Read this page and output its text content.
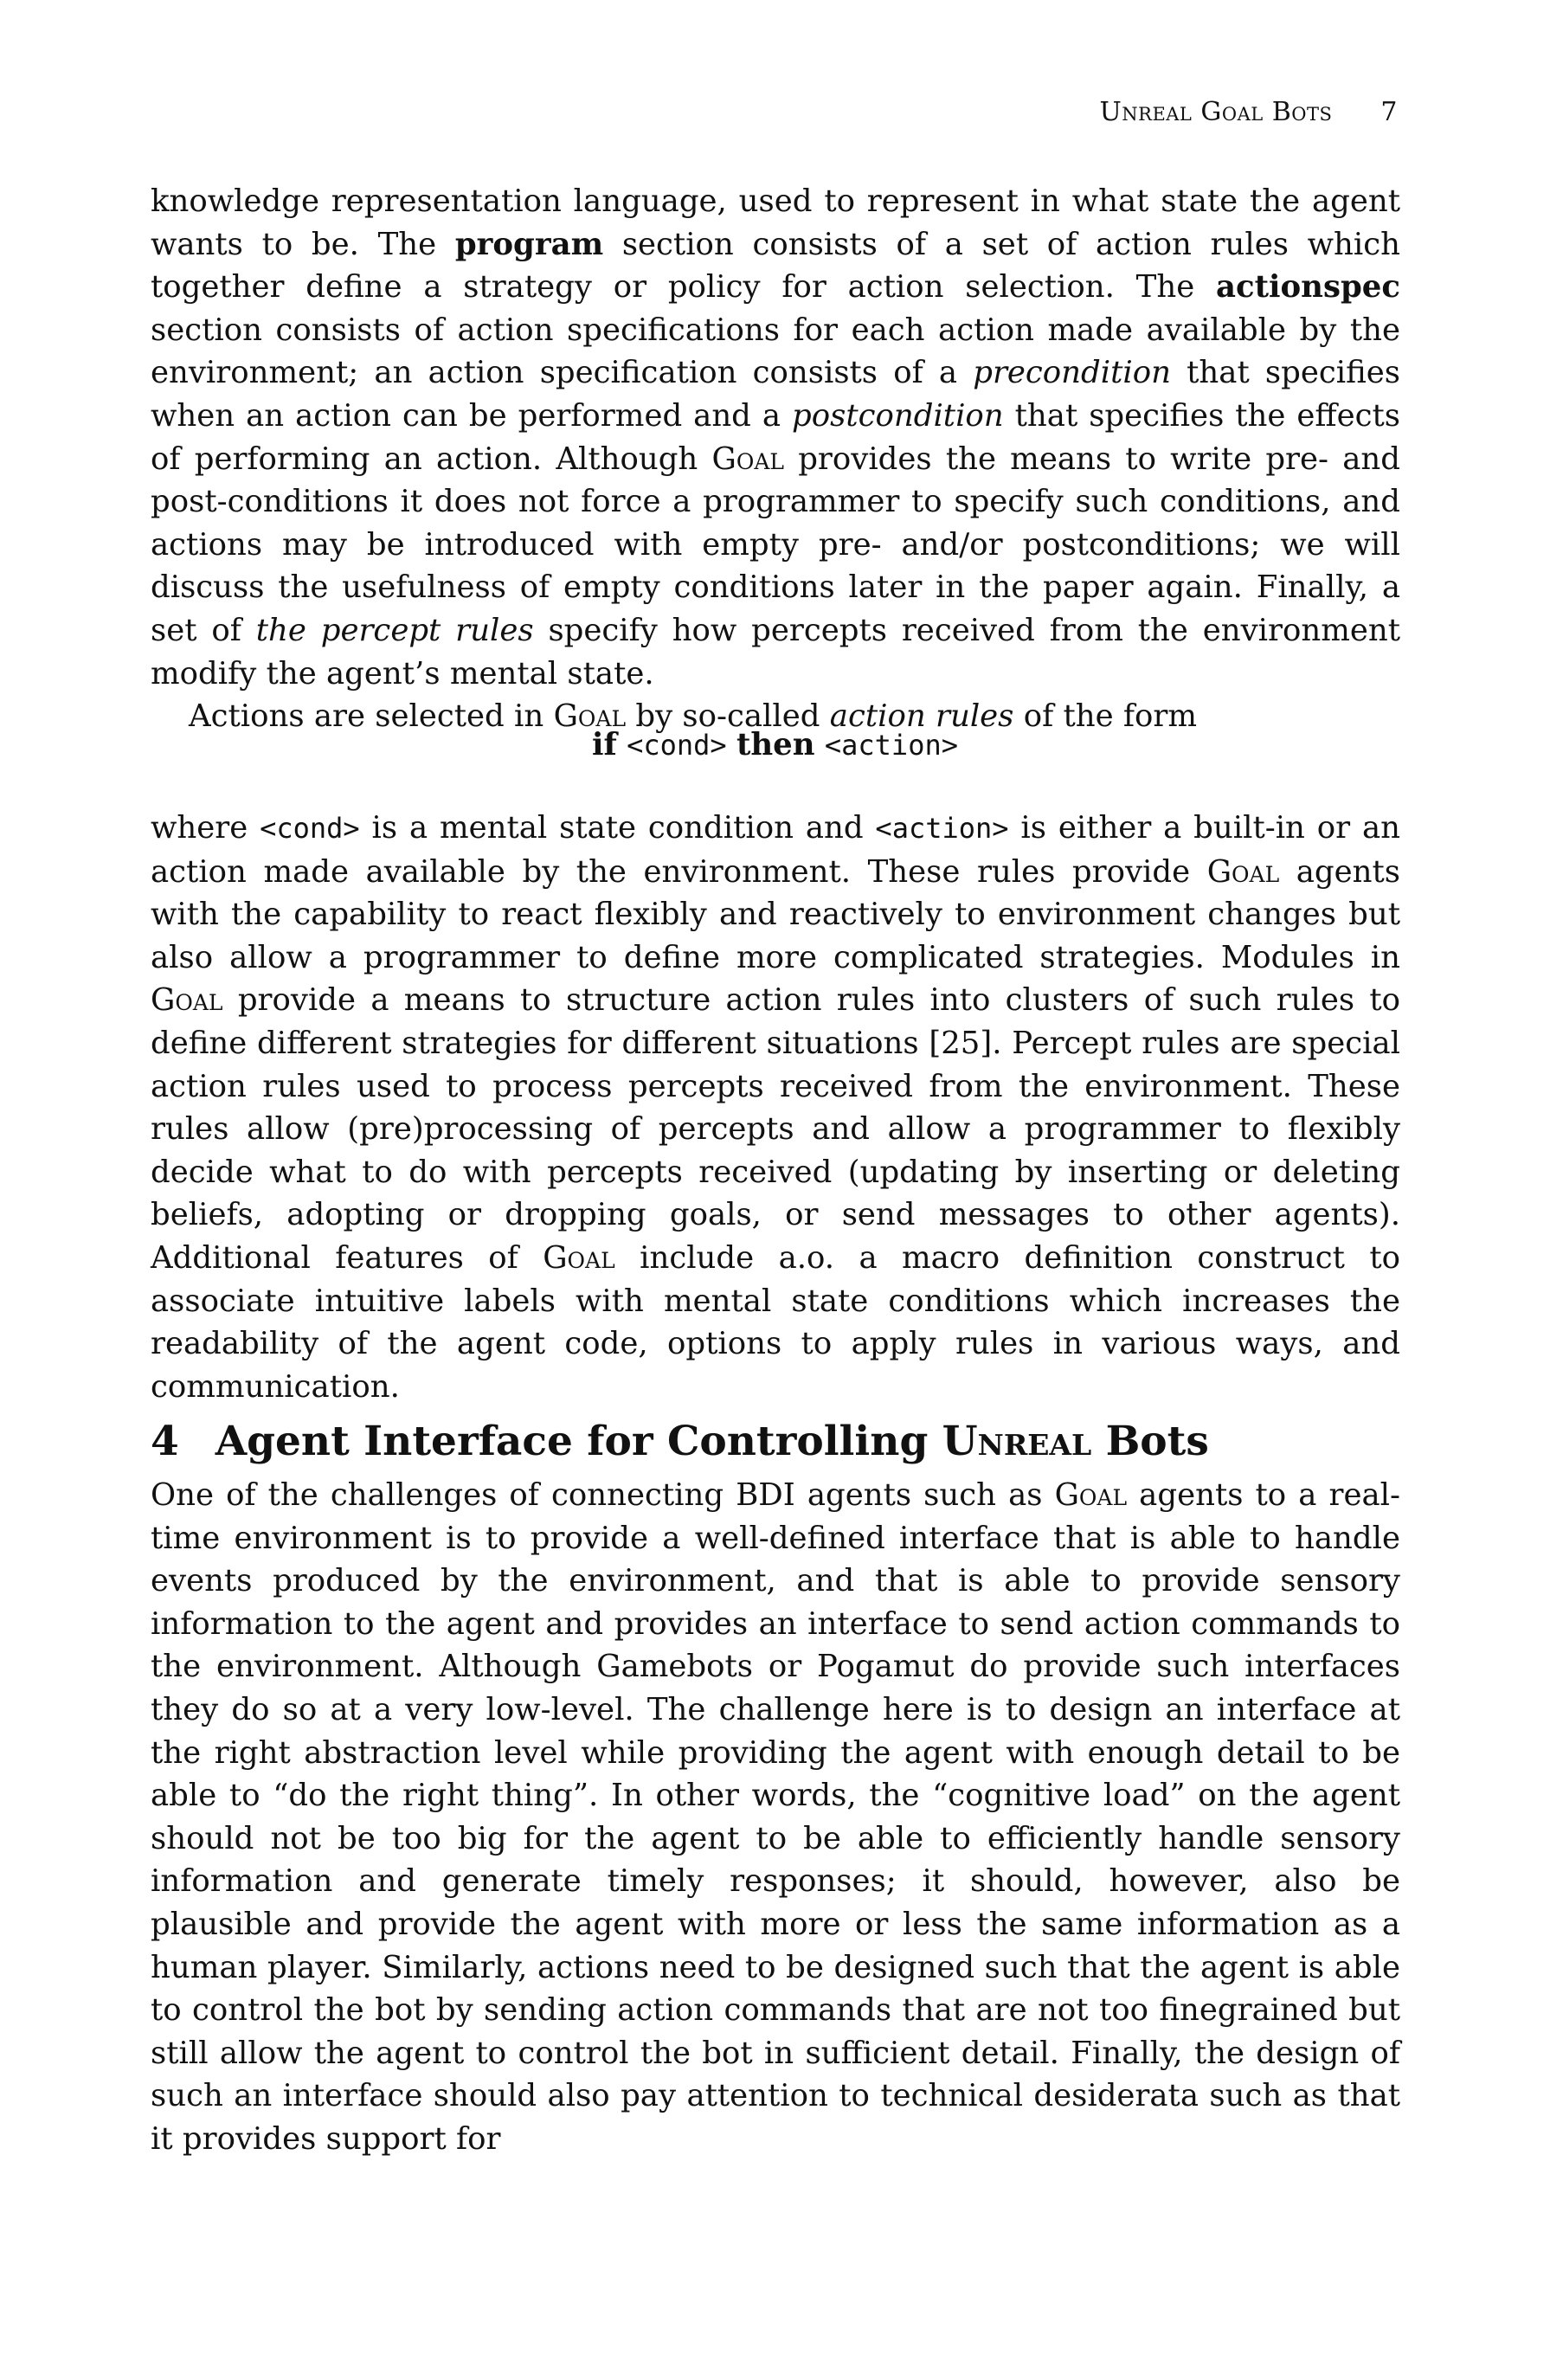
Unreal Goal Bots 7

knowledge representation language, used to represent in what state the agent wants to be. The program section consists of a set of action rules which together define a strategy or policy for action selection. The actionspec section consists of action specifications for each action made available by the environment; an action specification consists of a precondition that specifies when an action can be performed and a postcondition that specifies the effects of performing an action. Although Goal provides the means to write pre- and post-conditions it does not force a programmer to specify such conditions, and actions may be introduced with empty pre- and/or postconditions; we will discuss the usefulness of empty conditions later in the paper again. Finally, a set of the percept rules specify how percepts received from the environment modify the agent’s mental state.

Actions are selected in Goal by so-called action rules of the form

if <cond> then <action>

where <cond> is a mental state condition and <action> is either a built-in or an action made available by the environment. These rules provide Goal agents with the capability to react flexibly and reactively to environment changes but also allow a programmer to define more complicated strategies. Modules in Goal provide a means to structure action rules into clusters of such rules to define different strategies for different situations [25]. Percept rules are special action rules used to process percepts received from the environment. These rules allow (pre)processing of percepts and allow a programmer to flexibly decide what to do with percepts received (updating by inserting or deleting beliefs, adopting or dropping goals, or send messages to other agents). Additional features of Goal include a.o. a macro definition construct to associate intuitive labels with mental state conditions which increases the readability of the agent code, options to apply rules in various ways, and communication.

4 Agent Interface for Controlling Unreal Bots

One of the challenges of connecting BDI agents such as Goal agents to a real-time environment is to provide a well-defined interface that is able to handle events produced by the environment, and that is able to provide sensory information to the agent and provides an interface to send action commands to the environment. Although Gamebots or Pogamut do provide such interfaces they do so at a very low-level. The challenge here is to design an interface at the right abstraction level while providing the agent with enough detail to be able to “do the right thing”. In other words, the “cognitive load” on the agent should not be too big for the agent to be able to efficiently handle sensory information and generate timely responses; it should, however, also be plausible and provide the agent with more or less the same information as a human player. Similarly, actions need to be designed such that the agent is able to control the bot by sending action commands that are not too finegrained but still allow the agent to control the bot in sufficient detail. Finally, the design of such an interface should also pay attention to technical desiderata such as that it provides support for
